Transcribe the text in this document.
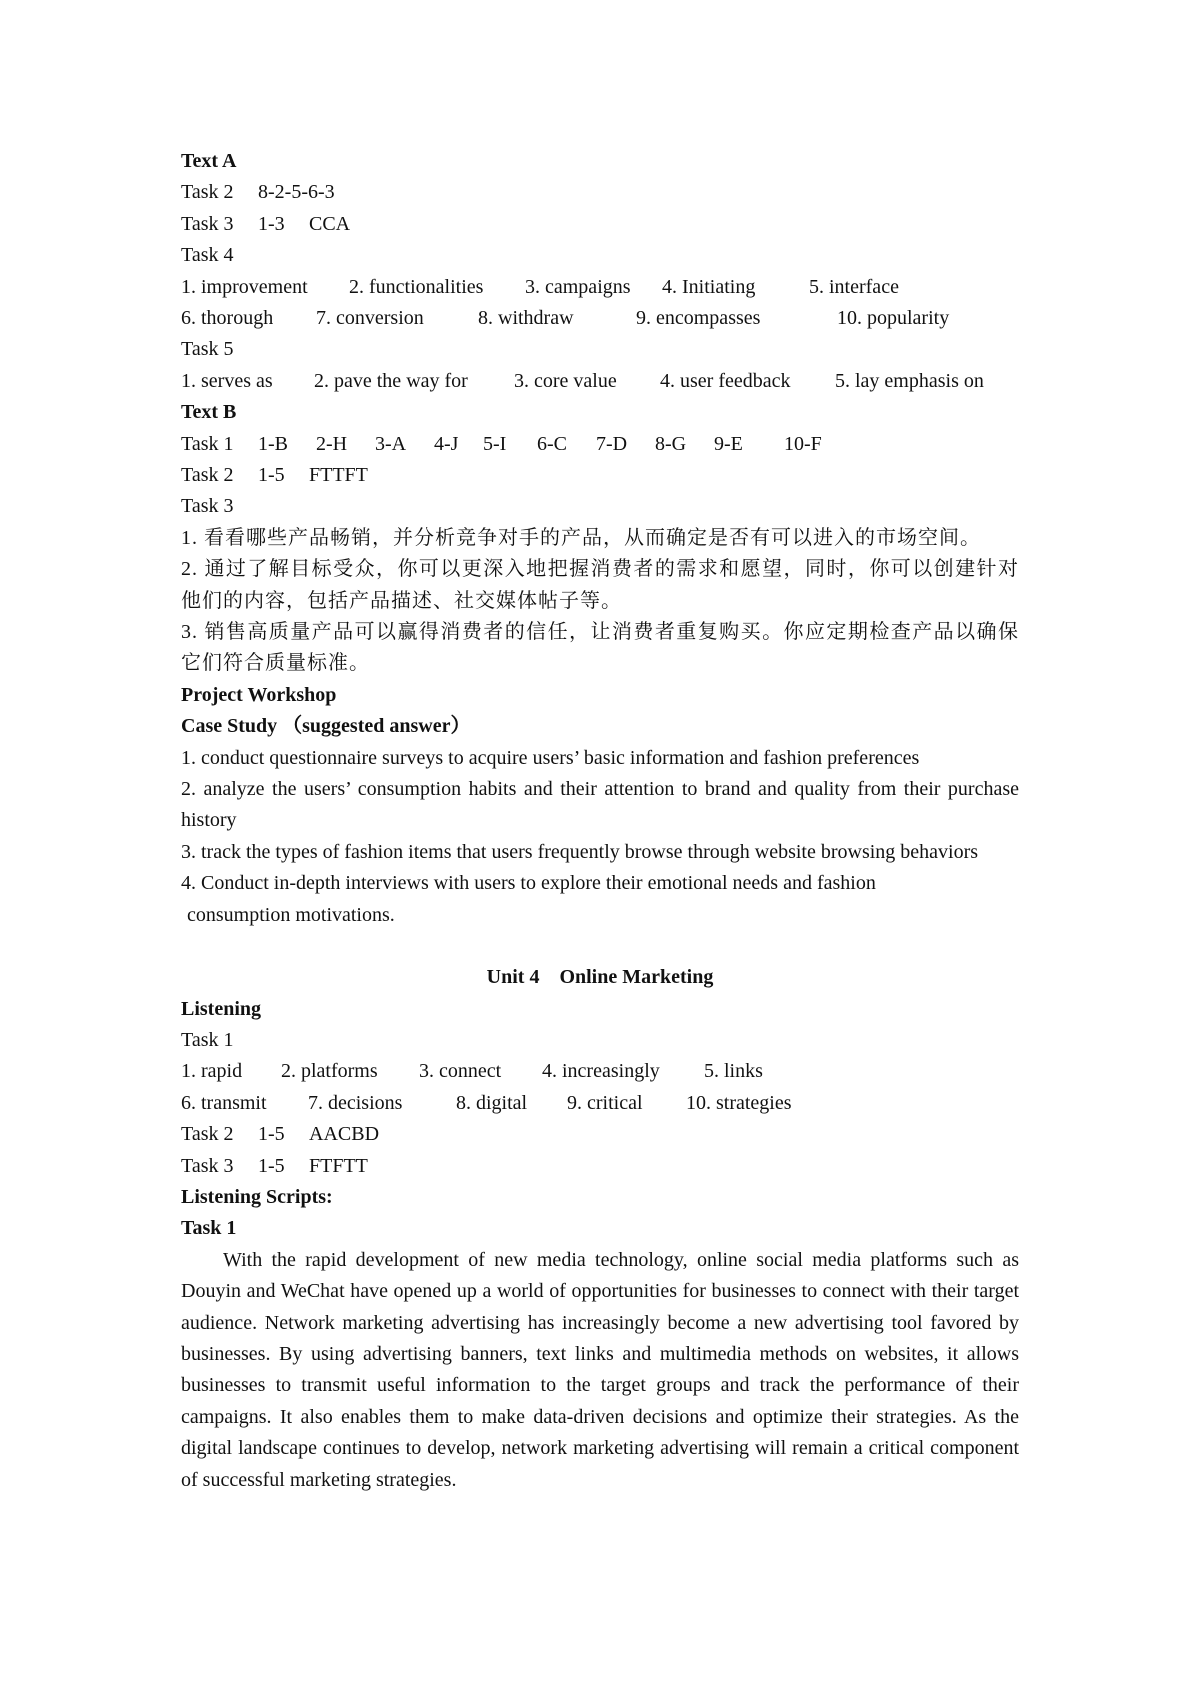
Text A
Task 2 8-2-5-6-3
Task 3 1-3 CCA
Task 4
1. improvement 2. functionalities 3. campaigns 4. Initiating	5. interface
6. thorough 7. conversion	8. withdraw	9. encompasses	10. popularity
Task 5
1. serves as 2. pave the way for 3. core value 4. user feedback 5. lay emphasis on
Text B
Task 1 1-B 2-H 3-A 4-J 5-I 6-C 7-D 8-G 9-E 10-F
Task 2 1-5 FTTFT
Task 3
1. 看看哪些产品畅销，并分析竞争对手的产品，从而确定是否有可以进入的市场空间。
2. 通过了解目标受众，你可以更深入地把握消费者的需求和愿望，同时，你可以创建针对他们的内容，包括产品描述、社交媒体帖子等。
3. 销售高质量产品可以赢得消费者的信任，让消费者重复购买。你应定期检查产品以确保它们符合质量标准。
Project Workshop
Case Study （suggested answer）
1. conduct questionnaire surveys to acquire users’ basic information and fashion preferences
2. analyze the users’ consumption habits and their attention to brand and quality from their purchase history
3. track the types of fashion items that users frequently browse through website browsing behaviors
4. Conduct in-depth interviews with users to explore their emotional needs and fashion
consumption motivations.
Unit 4    Online Marketing
Listening
Task 1
1. rapid 2. platforms 3. connect 4. increasingly 5. links
6. transmit 7. decisions	8. digital 9. critical 10. strategies
Task 2 1-5 AACBD
Task 3 1-5 FTFTT
Listening Scripts:
Task 1
With the rapid development of new media technology, online social media platforms such as Douyin and WeChat have opened up a world of opportunities for businesses to connect with their target audience. Network marketing advertising has increasingly become a new advertising tool favored by businesses. By using advertising banners, text links and multimedia methods on websites, it allows businesses to transmit useful information to the target groups and track the performance of their campaigns. It also enables them to make data-driven decisions and optimize their strategies. As the digital landscape continues to develop, network marketing advertising will remain a critical component of successful marketing strategies.
